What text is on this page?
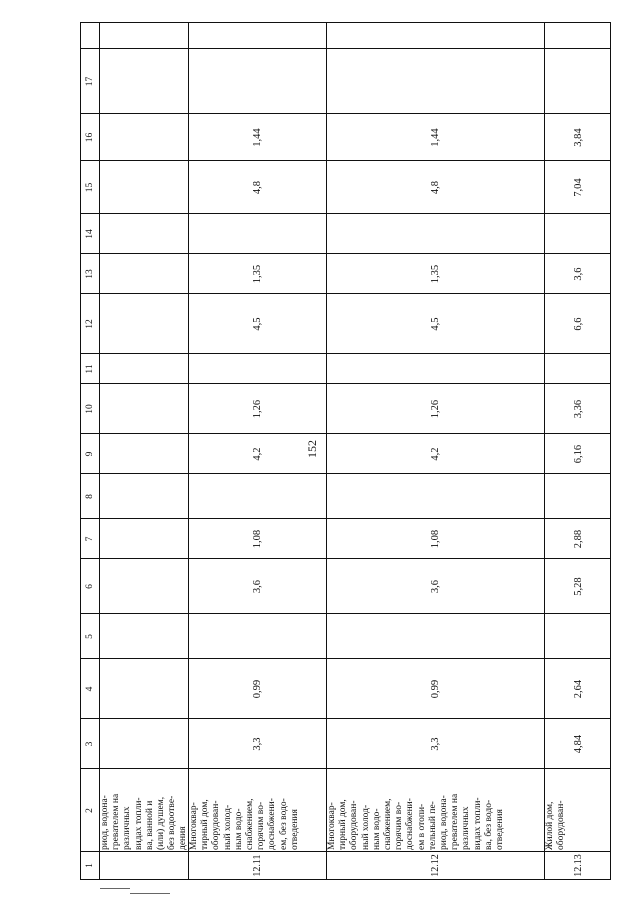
152
1
2
3
4
5
6
7
8
9
10
11
12
13
14
15
16
17
риод, водона-
гревателем на
различных
видах топли-
ва, ванной и
(или) душем,
без водоотве-
дения
12.11
Многоквар-
тирный дом,
оборудован-
ный холод-
ным водо-
снабжением,
горячим во-
доснабжени-
ем, без водо-
отведения
3,3
0,99
3,6
1,08
4,2
1,26
4,5
1,35
4,8
1,44
12.12
Многоквар-
тирный дом,
оборудован-
ный холод-
ным водо-
снабжением,
горячим во-
доснабжени-
ем в отопи-
тельный пе-
риод, водона-
гревателем на
различных
видах топли-
ва, без водо-
отведения
3,3
0,99
3,6
1,08
4,2
1,26
4,5
1,35
4,8
1,44
12.13
Жилой дом,
оборудован-
4,84
2,64
5,28
2,88
6,16
3,36
6,6
3,6
7,04
3,84
